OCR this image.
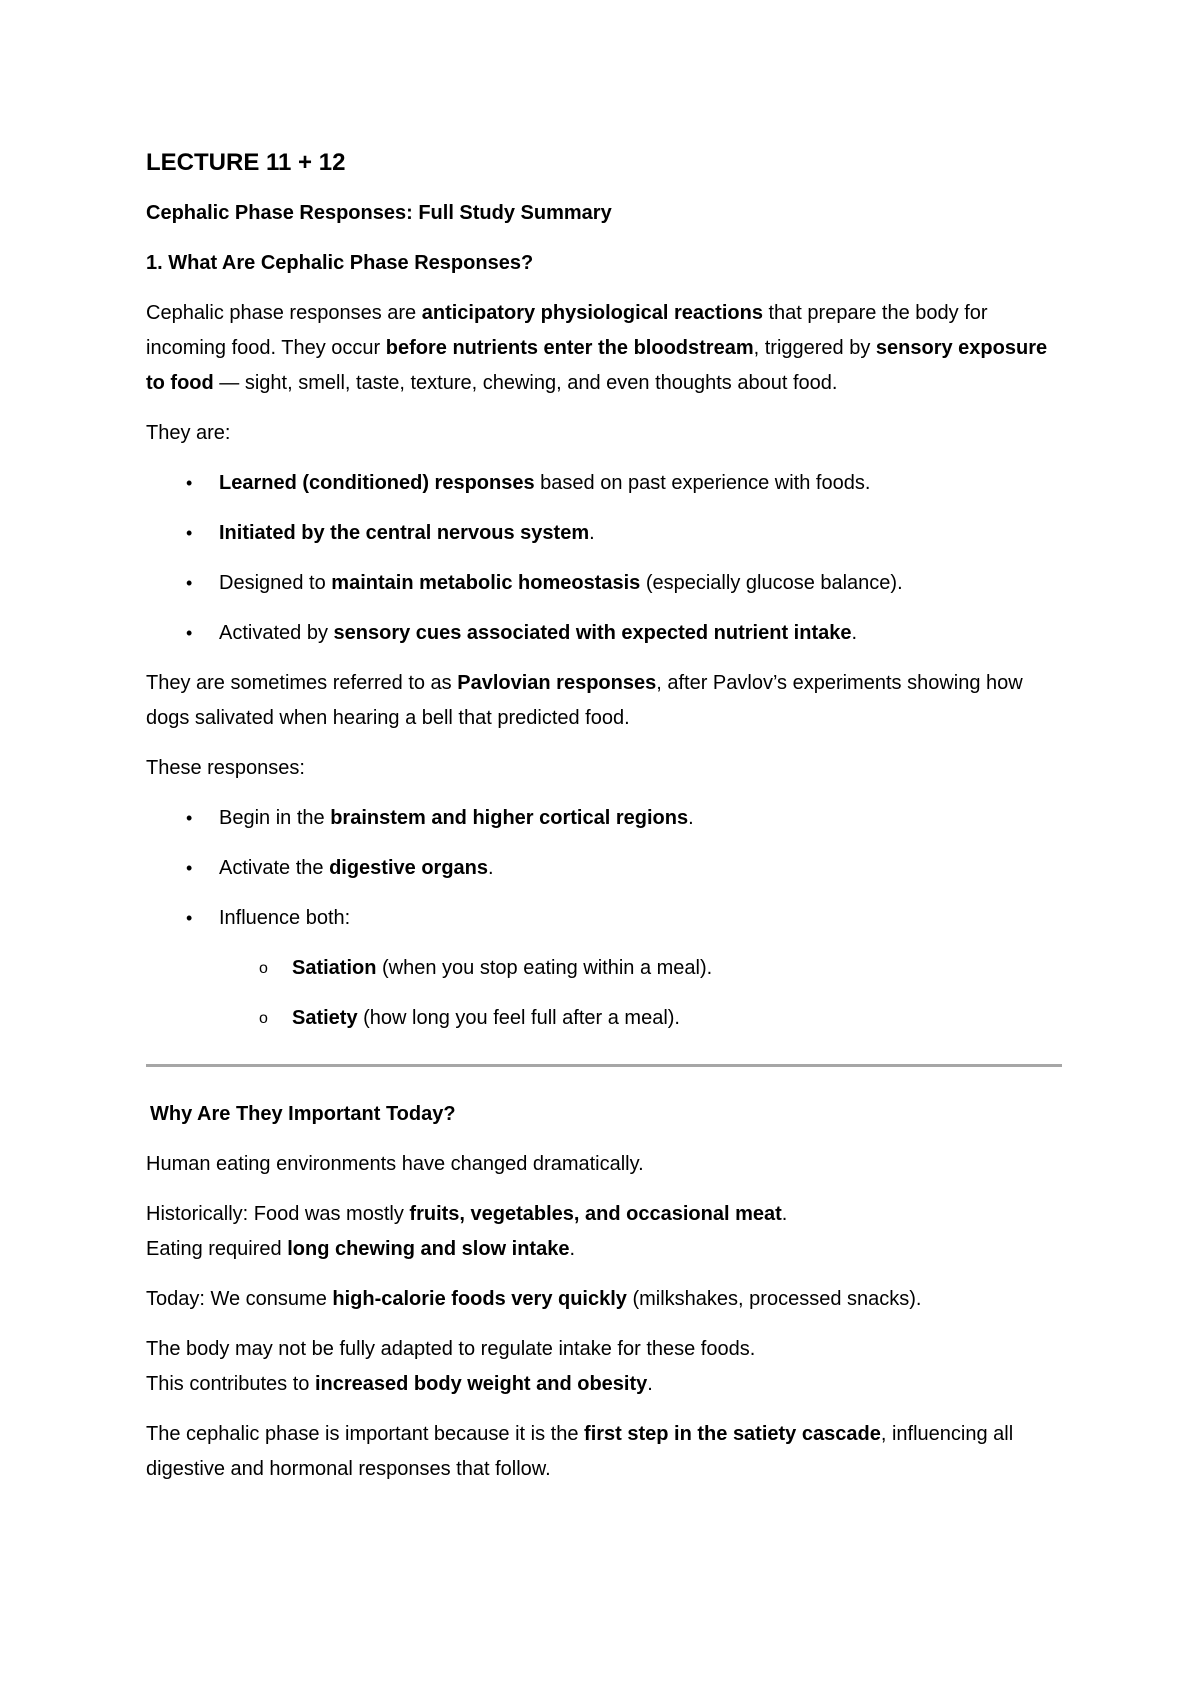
LECTURE 11 + 12
Cephalic Phase Responses: Full Study Summary
1. What Are Cephalic Phase Responses?

Cephalic phase responses are anticipatory physiological reactions that prepare the body for incoming food. They occur before nutrients enter the bloodstream, triggered by sensory exposure to food — sight, smell, taste, texture, chewing, and even thoughts about food.

They are:

• Learned (conditioned) responses based on past experience with foods.
• Initiated by the central nervous system.
• Designed to maintain metabolic homeostasis (especially glucose balance).
• Activated by sensory cues associated with expected nutrient intake.

They are sometimes referred to as Pavlovian responses, after Pavlov’s experiments showing how dogs salivated when hearing a bell that predicted food.

These responses:

• Begin in the brainstem and higher cortical regions.
• Activate the digestive organs.
• Influence both:
o Satiation (when you stop eating within a meal).
o Satiety (how long you feel full after a meal).
Why Are They Important Today?

Human eating environments have changed dramatically.

Historically: Food was mostly fruits, vegetables, and occasional meat.
Eating required long chewing and slow intake.

Today: We consume high-calorie foods very quickly (milkshakes, processed snacks).

The body may not be fully adapted to regulate intake for these foods.
This contributes to increased body weight and obesity.

The cephalic phase is important because it is the first step in the satiety cascade, influencing all digestive and hormonal responses that follow.
